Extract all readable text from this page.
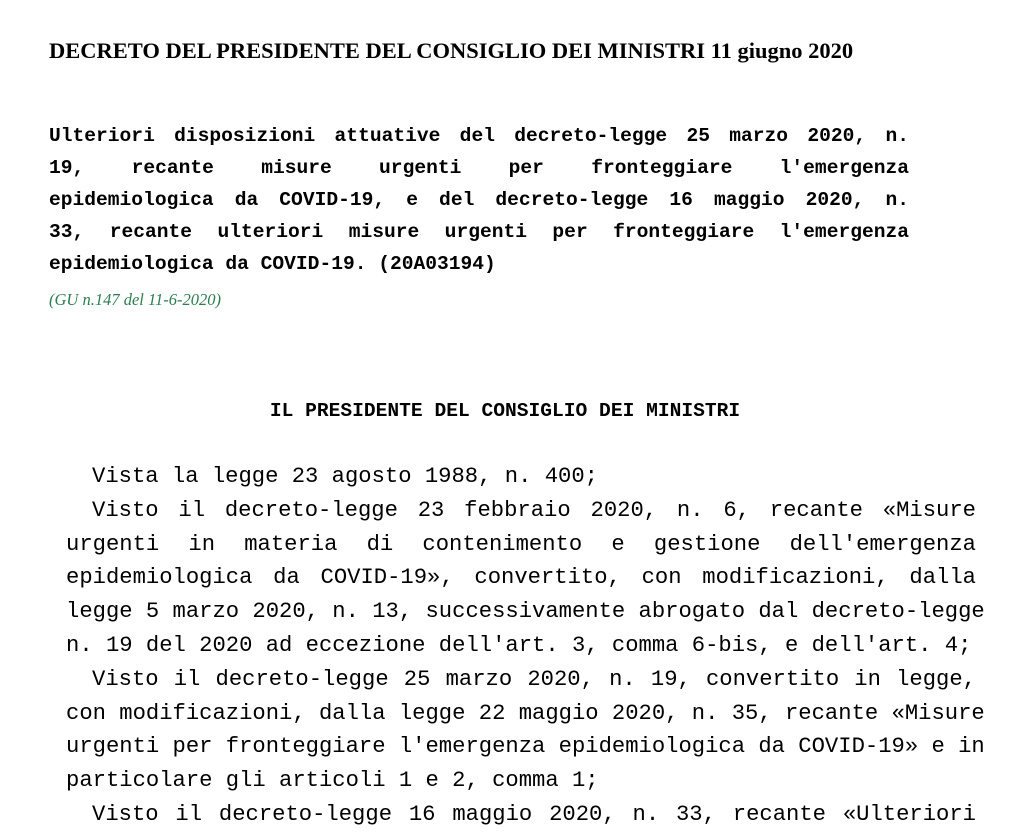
DECRETO DEL PRESIDENTE DEL CONSIGLIO DEI MINISTRI 11 giugno 2020
Ulteriori disposizioni attuative del decreto-legge 25 marzo 2020, n.
19, recante misure urgenti per fronteggiare l'emergenza
epidemiologica da COVID-19, e del decreto-legge 16 maggio 2020, n.
33, recante ulteriori misure urgenti per fronteggiare l'emergenza
epidemiologica da COVID-19. (20A03194)

(GU n.147 del 11-6-2020)

IL PRESIDENTE DEL CONSIGLIO DEI MINISTRI
Vista la legge 23 agosto 1988, n. 400;
Visto il decreto-legge 23 febbraio 2020, n. 6, recante «Misure
urgenti in materia di contenimento e gestione dell'emergenza
epidemiologica da COVID-19», convertito, con modificazioni, dalla
legge 5 marzo 2020, n. 13, successivamente abrogato dal decreto-legge
n. 19 del 2020 ad eccezione dell'art. 3, comma 6-bis, e dell'art. 4;
Visto il decreto-legge 25 marzo 2020, n. 19, convertito in legge,
con modificazioni, dalla legge 22 maggio 2020, n. 35, recante «Misure
urgenti per fronteggiare l'emergenza epidemiologica da COVID-19» e in
particolare gli articoli 1 e 2, comma 1;
Visto il decreto-legge 16 maggio 2020, n. 33, recante «Ulteriori
